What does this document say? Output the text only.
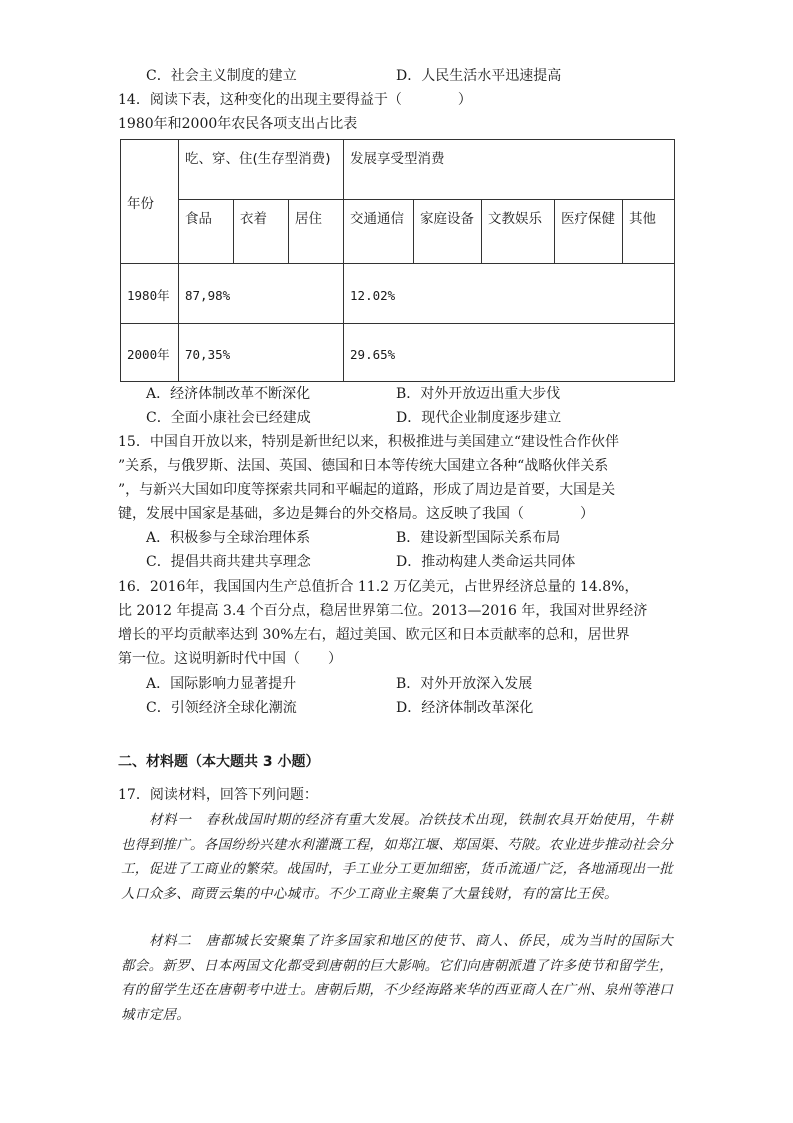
C．社会主义制度的建立	D．人民生活水平迅速提高
14．阅读下表，这种变化的出现主要得益于（　　　　）
1980年和2000年农民各项支出占比表
年份	吃、穿、住(生存型消费)			发展享受型消费				
	食品	衣着	居住	交通通信	家庭设备	文教娱乐	医疗保健	其他
1980年	87,98%			12.02%				
2000年	70,35%			29.65%				
A．经济体制改革不断深化	B．对外开放迈出重大步伐
C．全面小康社会已经建成	D．现代企业制度逐步建立
15．中国自开放以来，特别是新世纪以来，积极推进与美国建立“建设性合作伙伴
”关系，与俄罗斯、法国、英国、德国和日本等传统大国建立各种“战略伙伴关系
”，与新兴大国如印度等探索共同和平崛起的道路，形成了周边是首要，大国是关
键，发展中国家是基础，多边是舞台的外交格局。这反映了我国（　　　　）
A．积极参与全球治理体系	B．建设新型国际关系布局
C．提倡共商共建共享理念	D．推动构建人类命运共同体
16．2016年，我国国内生产总值折合 11.2 万亿美元，占世界经济总量的 14.8%，
比 2012 年提高 3.4 个百分点，稳居世界第二位。2013—2016 年，我国对世界经济
增长的平均贡献率达到 30%左右，超过美国、欧元区和日本贡献率的总和，居世界
第一位。这说明新时代中国（　　）
A．国际影响力显著提升	B．对外开放深入发展
C．引领经济全球化潮流	D．经济体制改革深化
二、材料题（本大题共 3 小题）
17．阅读材料，回答下列问题：
材料一　春秋战国时期的经济有重大发展。冶铁技术出现，铁制农具开始使用，牛耕也得到推广。各国纷纷兴建水利灌溉工程，如郑江堰、郑国渠、芍陂。农业进步推动社会分工，促进了工商业的繁荣。战国时，手工业分工更加细密，货币流通广泛，各地涌现出一批人口众多、商贾云集的中心城市。不少工商业主聚集了大量钱财，有的富比王侯。
材料二　唐都城长安聚集了许多国家和地区的使节、商人、侨民，成为当时的国际大都会。新罗、日本两国文化都受到唐朝的巨大影响。它们向唐朝派遣了许多使节和留学生，有的留学生还在唐朝考中进士。唐朝后期，不少经海路来华的西亚商人在广州、泉州等港口城市定居。
